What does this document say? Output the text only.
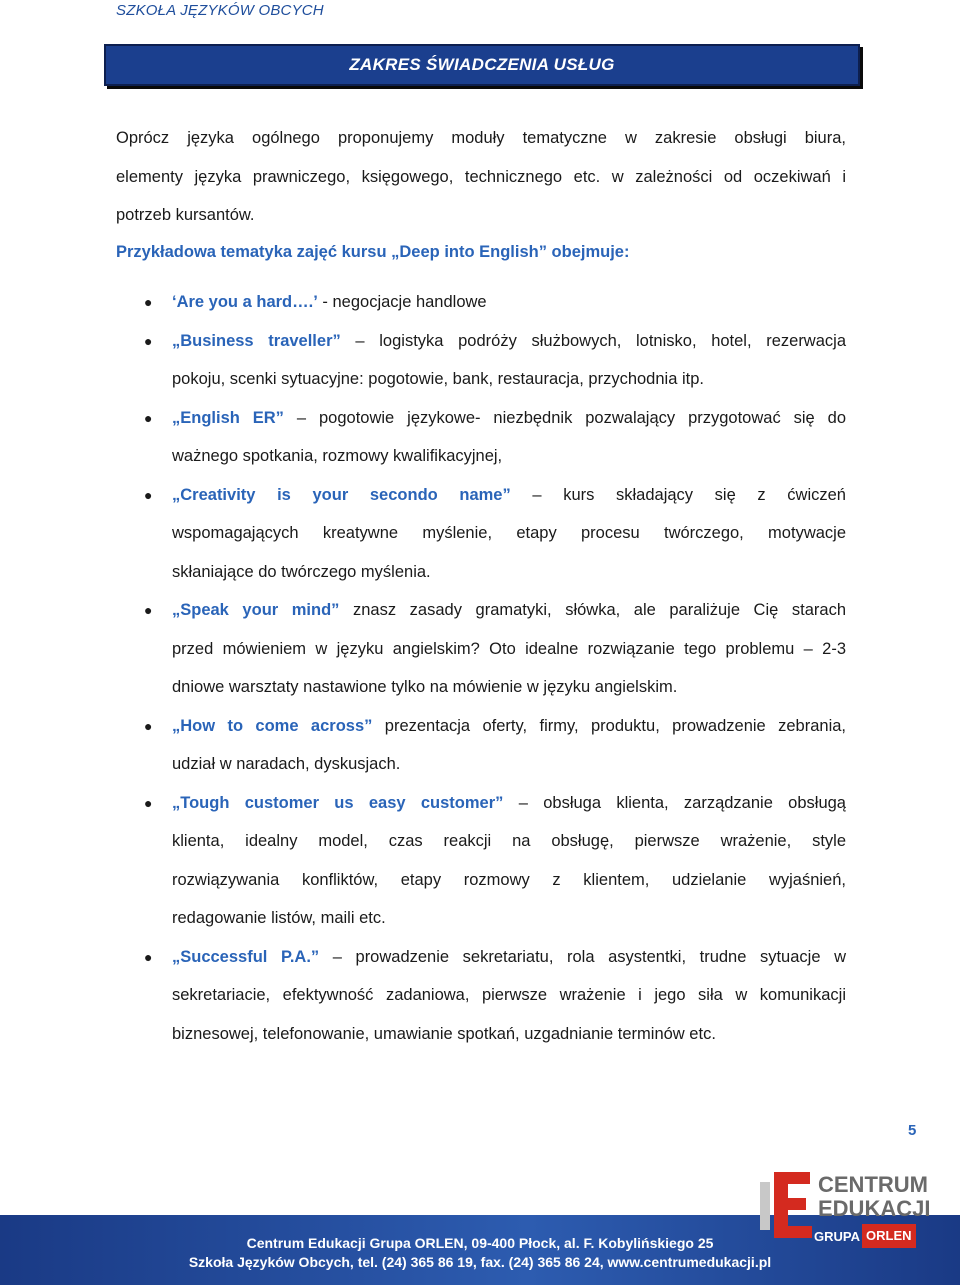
SZKOŁA JĘZYKÓW OBCYCH
ZAKRES ŚWIADCZENIA USŁUG
Oprócz języka ogólnego proponujemy moduły tematyczne w zakresie obsługi biura,
elementy języka prawniczego, księgowego, technicznego etc. w zależności od oczekiwań i
potrzeb kursantów.
Przykładowa tematyka zajęć kursu „Deep into English” obejmuje:
● ‘Are you a hard….’ - negocjacje handlowe
● „Business traveller” – logistyka podróży służbowych, lotnisko, hotel, rezerwacja
pokoju, scenki sytuacyjne: pogotowie, bank, restauracja, przychodnia itp.
● „English ER” – pogotowie językowe- niezbędnik pozwalający przygotować się do
ważnego spotkania, rozmowy kwalifikacyjnej,
● „Creativity is your secondo name” – kurs składający się z ćwiczeń
wspomagających kreatywne myślenie, etapy procesu twórczego, motywacje
skłaniające do twórczego myślenia.
● „Speak your mind” znasz zasady gramatyki, słówka, ale paraliżuje Cię starach
przed mówieniem w języku angielskim? Oto idealne rozwiązanie tego problemu – 2-3
dniowe warsztaty nastawione tylko na mówienie w języku angielskim.
● „How to come across” prezentacja oferty, firmy, produktu, prowadzenie zebrania,
udział w naradach, dyskusjach.
● „Tough customer us easy customer” – obsługa klienta, zarządzanie obsługą
klienta, idealny model, czas reakcji na obsługę, pierwsze wrażenie, style
rozwiązywania konfliktów, etapy rozmowy z klientem, udzielanie wyjaśnień,
redagowanie listów, maili etc.
● „Successful P.A.” – prowadzenie sekretariatu, rola asystentki, trudne sytuacje w
sekretariacie, efektywność zadaniowa, pierwsze wrażenie i jego siła w komunikacji
biznesowej, telefonowanie, umawianie spotkań, uzgadnianie terminów etc.
5
CENTRUM
EDUKACJI
GRUPA ORLEN
Centrum Edukacji Grupa ORLEN, 09-400 Płock, al. F. Kobylińskiego 25
Szkoła Języków Obcych, tel. (24) 365 86 19, fax. (24) 365 86 24, www.centrumedukacji.pl
